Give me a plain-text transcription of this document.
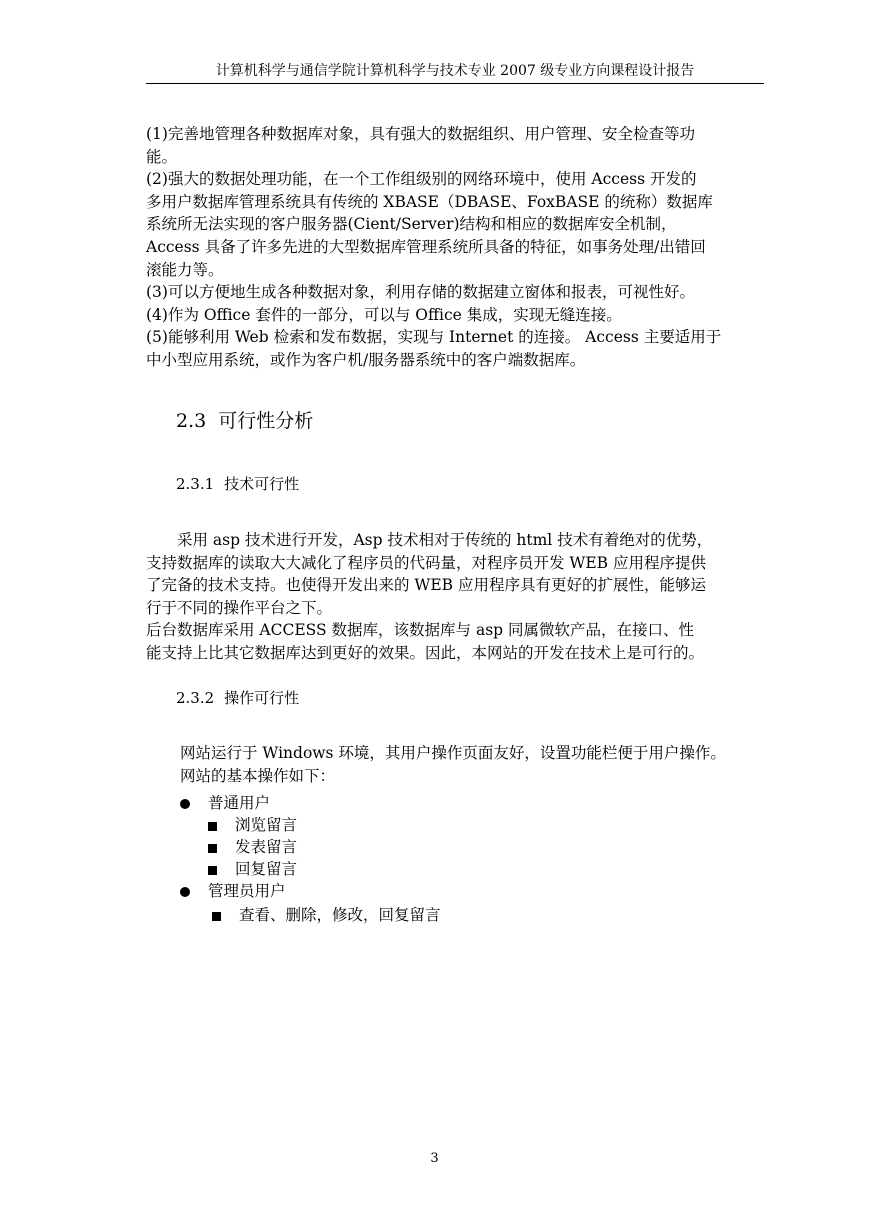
计算机科学与通信学院计算机科学与技术专业 2007 级专业方向课程设计报告
(1)完善地管理各种数据库对象，具有强大的数据组织、用户管理、安全检查等功
能。
(2)强大的数据处理功能，在一个工作组级别的网络环境中，使用 Access 开发的
多用户数据库管理系统具有传统的 XBASE（DBASE、FoxBASE 的统称）数据库
系统所无法实现的客户服务器(Cient/Server)结构和相应的数据库安全机制，
Access 具备了许多先进的大型数据库管理系统所具备的特征，如事务处理/出错回
滚能力等。
(3)可以方便地生成各种数据对象，利用存储的数据建立窗体和报表，可视性好。
(4)作为 Office 套件的一部分，可以与 Office 集成，实现无缝连接。
(5)能够利用 Web 检索和发布数据，实现与 Internet 的连接。 Access 主要适用于
中小型应用系统，或作为客户机/服务器系统中的客户端数据库。
2.3 可行性分析
2.3.1 技术可行性
　　采用 asp 技术进行开发，Asp 技术相对于传统的 html 技术有着绝对的优势，
支持数据库的读取大大减化了程序员的代码量，对程序员开发 WEB 应用程序提供
了完备的技术支持。也使得开发出来的 WEB 应用程序具有更好的扩展性，能够运
行于不同的操作平台之下。
后台数据库采用 ACCESS 数据库，该数据库与 asp 同属微软产品，在接口、性
能支持上比其它数据库达到更好的效果。因此，本网站的开发在技术上是可行的。
2.3.2 操作可行性
网站运行于 Windows 环境，其用户操作页面友好，设置功能栏便于用户操作。
网站的基本操作如下：
普通用户
浏览留言
发表留言
回复留言
管理员用户
查看、删除，修改，回复留言
3
